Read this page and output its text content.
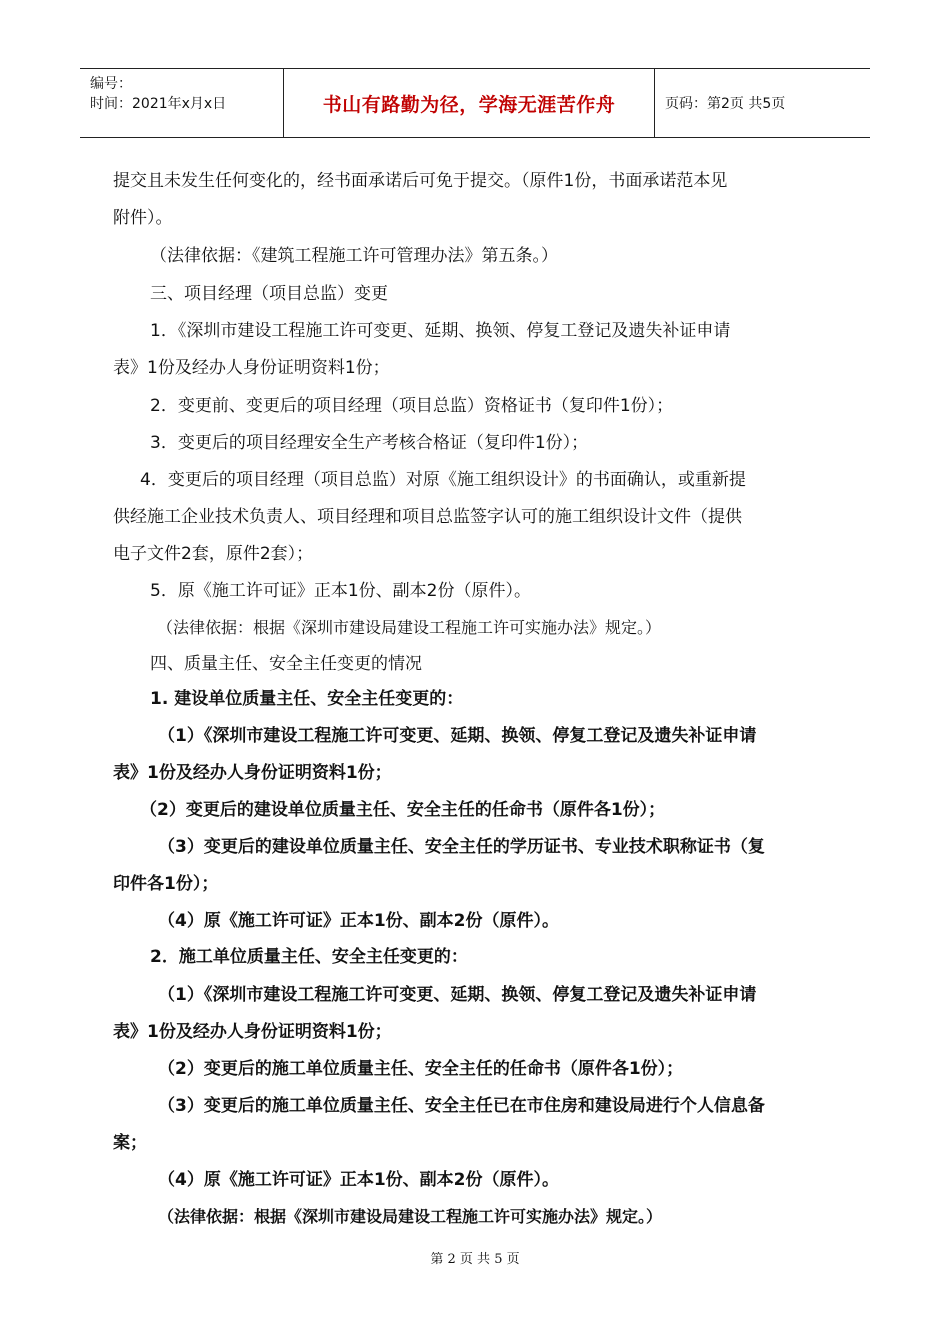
编号：
时间：2021年x月x日	书山有路勤为径，学海无涯苦作舟	页码：第2页 共5页
提交且未发生任何变化的，经书面承诺后可免于提交。（原件1份，书面承诺范本见
附件）。
（法律依据：《建筑工程施工许可管理办法》第五条。）
三、项目经理（项目总监）变更
1．《深圳市建设工程施工许可变更、延期、换领、停复工登记及遗失补证申请
表》1份及经办人身份证明资料1份；
2．变更前、变更后的项目经理（项目总监）资格证书（复印件1份）；
3．变更后的项目经理安全生产考核合格证（复印件1份）；
4．变更后的项目经理（项目总监）对原《施工组织设计》的书面确认，或重新提
供经施工企业技术负责人、项目经理和项目总监签字认可的施工组织设计文件（提供
电子文件2套，原件2套）；
5．原《施工许可证》正本1份、副本2份（原件）。
（法律依据：根据《深圳市建设局建设工程施工许可实施办法》规定。）
四、质量主任、安全主任变更的情况
1. 建设单位质量主任、安全主任变更的：
（1）《深圳市建设工程施工许可变更、延期、换领、停复工登记及遗失补证申请
表》1份及经办人身份证明资料1份；
（2）变更后的建设单位质量主任、安全主任的任命书（原件各1份）；
（3）变更后的建设单位质量主任、安全主任的学历证书、专业技术职称证书（复
印件各1份）；
（4）原《施工许可证》正本1份、副本2份（原件）。
2．施工单位质量主任、安全主任变更的：
（1）《深圳市建设工程施工许可变更、延期、换领、停复工登记及遗失补证申请
表》1份及经办人身份证明资料1份；
（2）变更后的施工单位质量主任、安全主任的任命书（原件各1份）；
（3）变更后的施工单位质量主任、安全主任已在市住房和建设局进行个人信息备
案；
（4）原《施工许可证》正本1份、副本2份（原件）。
（法律依据：根据《深圳市建设局建设工程施工许可实施办法》规定。）
第 2 页 共 5 页
